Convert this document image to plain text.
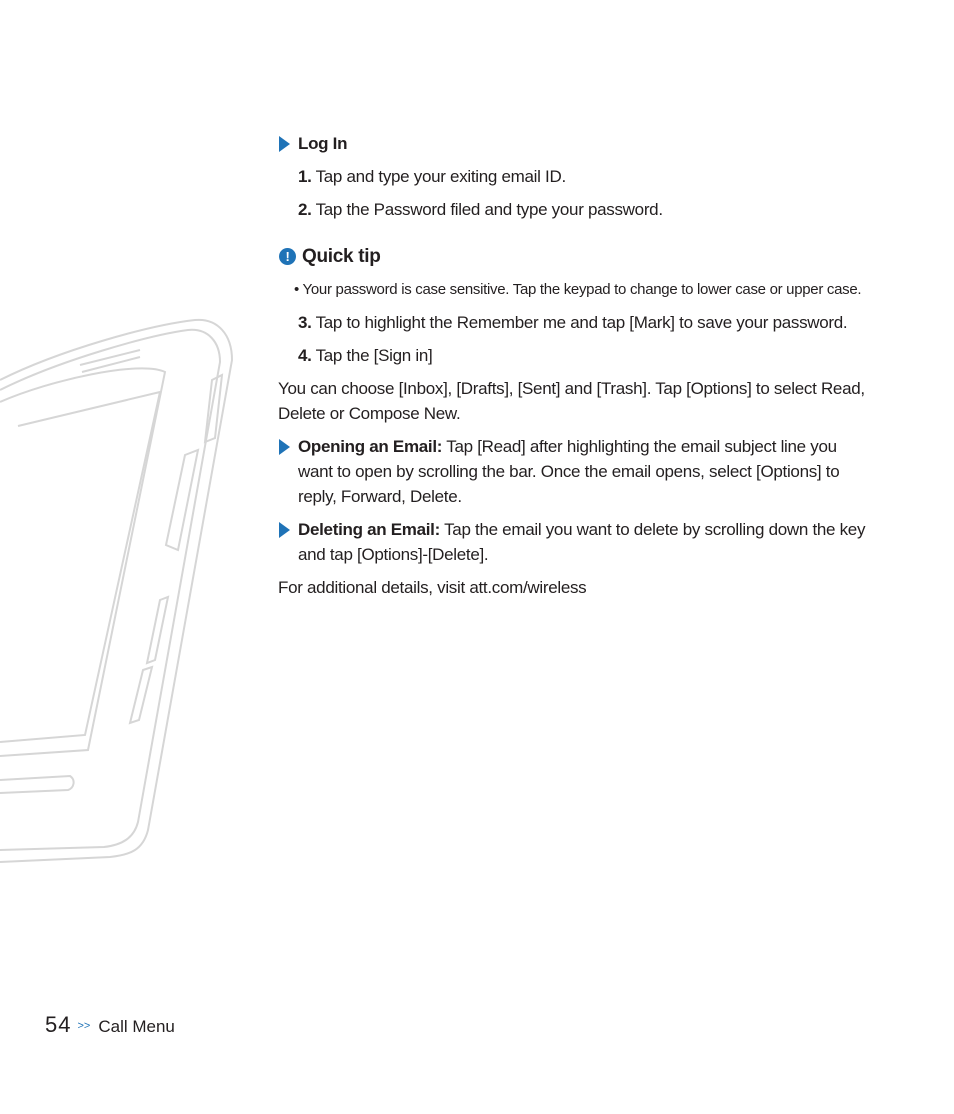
Log In
1. Tap and type your exiting email ID.
2. Tap the Password filed and type your password.
! Quick tip
• Your password is case sensitive. Tap the keypad to change to lower case or upper case.
3. Tap to highlight the Remember me and tap [Mark] to save your password.
4. Tap the [Sign in]
You can choose [Inbox], [Drafts], [Sent] and [Trash]. Tap [Options] to select Read, Delete or Compose New.
Opening an Email: Tap [Read] after highlighting the email subject line you want to open by scrolling the bar. Once the email opens, select [Options] to reply, Forward, Delete.
Deleting an Email: Tap the email you want to delete by scrolling down the key and tap [Options]-[Delete].
For additional details, visit att.com/wireless
54 >> Call Menu
